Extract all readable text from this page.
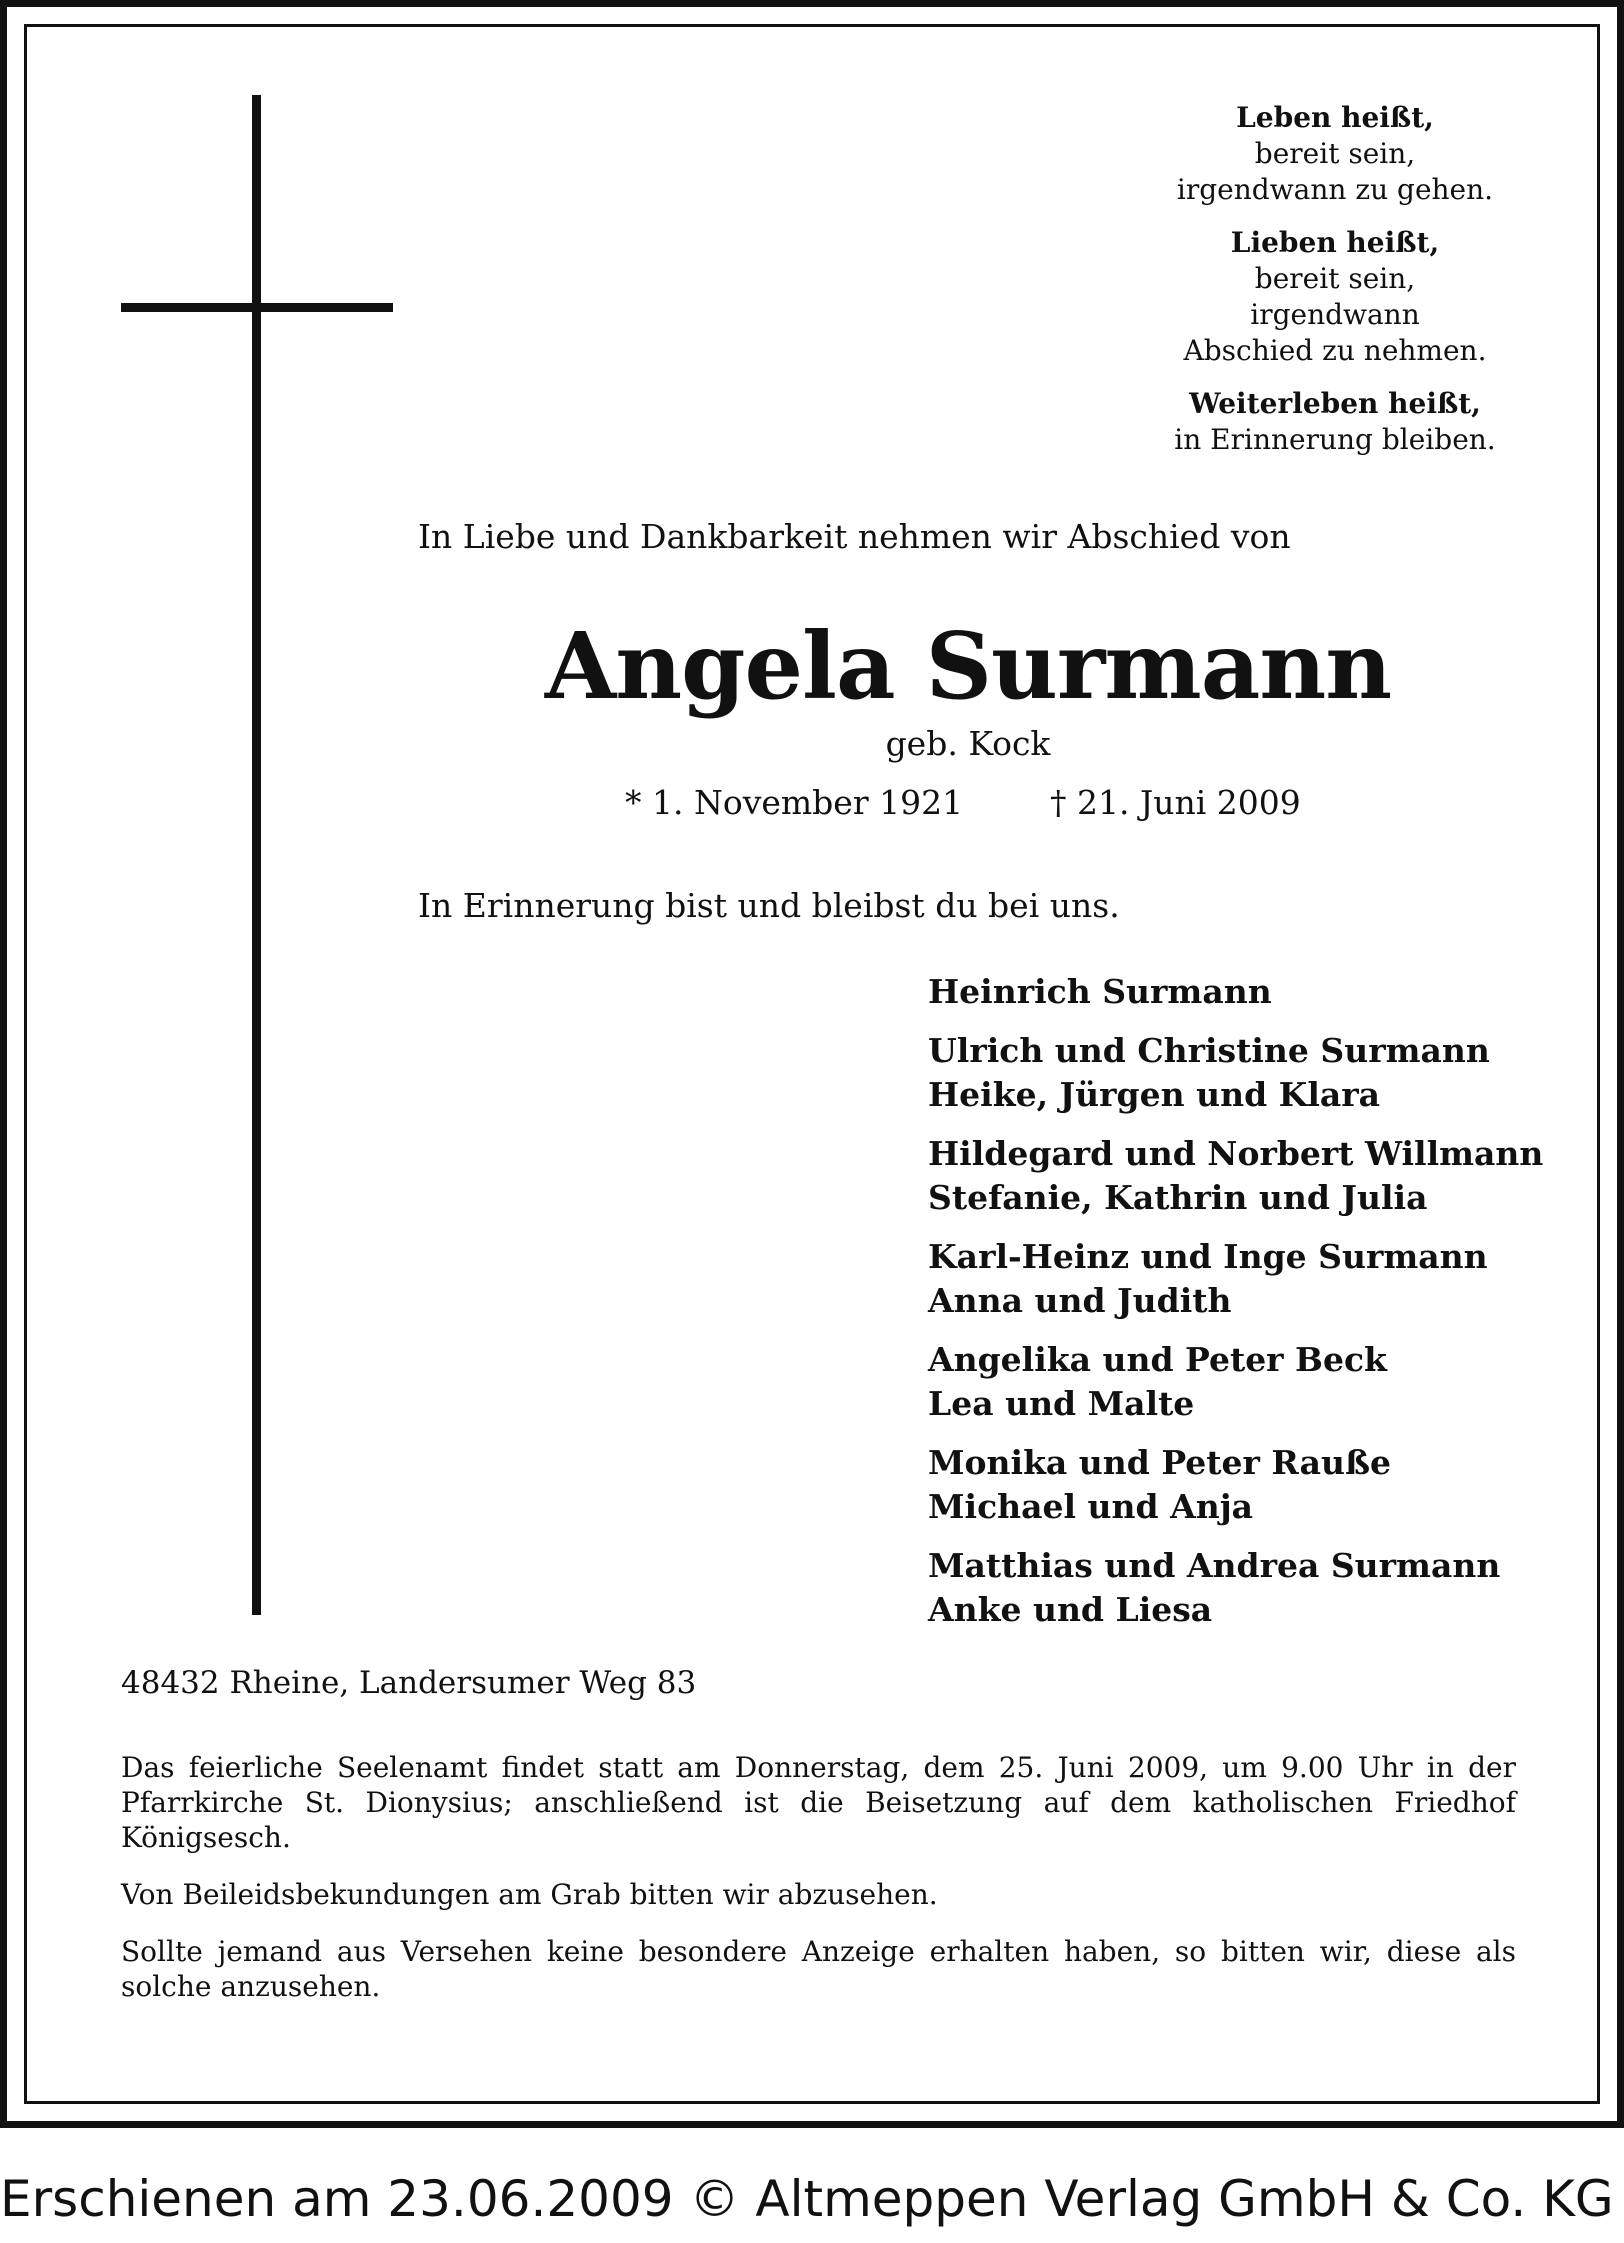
Leben heißt,
bereit sein,
irgendwann zu gehen.
Lieben heißt,
bereit sein,
irgendwann
Abschied zu nehmen.
Weiterleben heißt,
in Erinnerung bleiben.
In Liebe und Dankbarkeit nehmen wir Abschied von
Angela Surmann
geb. Kock
* 1. November 1921	† 21. Juni 2009
In Erinnerung bist und bleibst du bei uns.
Heinrich Surmann
Ulrich und Christine Surmann
Heike, Jürgen und Klara
Hildegard und Norbert Willmann
Stefanie, Kathrin und Julia
Karl-Heinz und Inge Surmann
Anna und Judith
Angelika und Peter Beck
Lea und Malte
Monika und Peter Rauße
Michael und Anja
Matthias und Andrea Surmann
Anke und Liesa
48432 Rheine, Landersumer Weg 83

Das feierliche Seelenamt findet statt am Donnerstag, dem 25. Juni 2009, um 9.00 Uhr in der Pfarrkirche St. Dionysius; anschließend ist die Beisetzung auf dem katholischen Friedhof Königsesch.

Von Beileidsbekundungen am Grab bitten wir abzusehen.

Sollte jemand aus Versehen keine besondere Anzeige erhalten haben, so bitten wir, diese als solche anzusehen.

Erschienen am 23.06.2009 © Altmeppen Verlag GmbH & Co. KG
